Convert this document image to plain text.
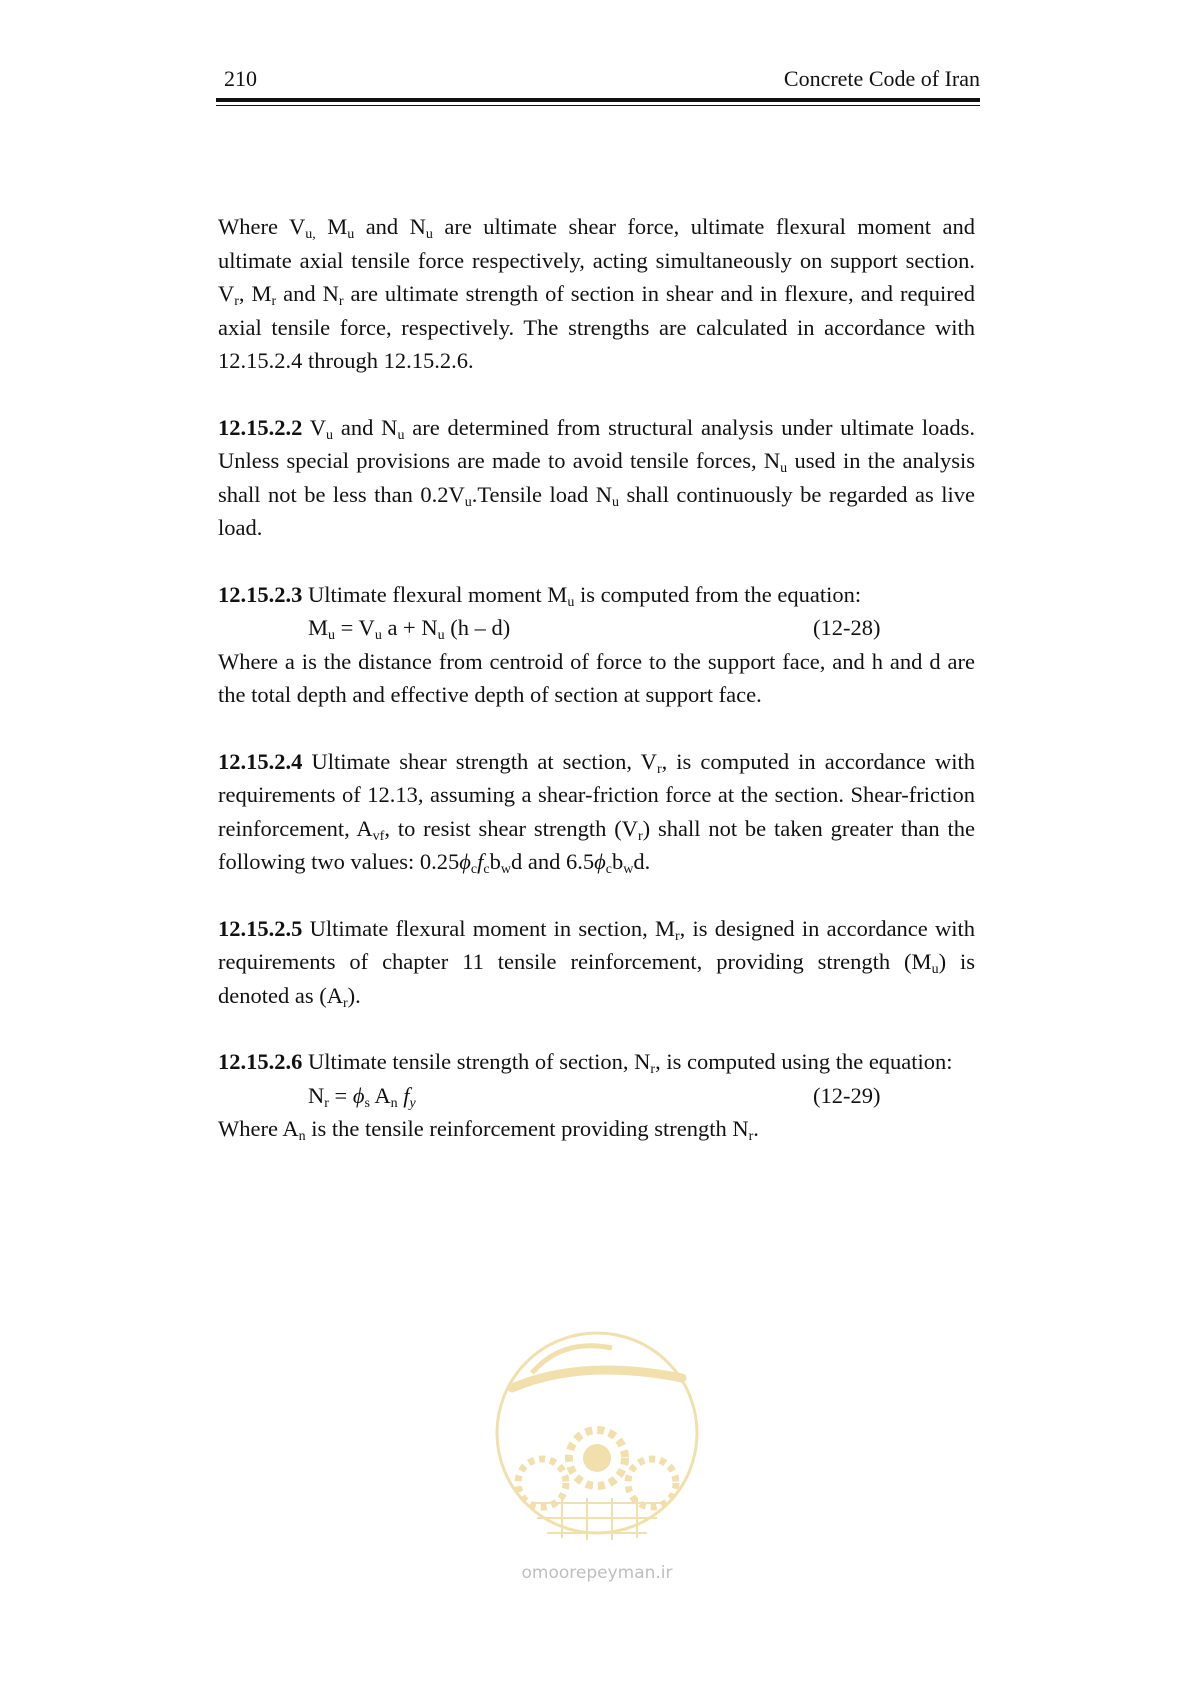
210	Concrete Code of Iran

Where $V_{u,}$ $M_u$ and $N_u$ are ultimate shear force, ultimate flexural moment and ultimate axial tensile force respectively, acting simultaneously on support section. $V_r$, $M_r$ and $N_r$ are ultimate strength of section in shear and in flexure, and required axial tensile force, respectively. The strengths are calculated in accordance with 12.15.2.4 through 12.15.2.6.

12.15.2.2 $V_u$ and $N_u$ are determined from structural analysis under ultimate loads. Unless special provisions are made to avoid tensile forces, $N_u$ used in the analysis shall not be less than $0.2V_u.Tensile$ load $N_u$ shall continuously be regarded as live load.

12.15.2.3 Ultimate flexural moment $M_u$ is computed from the equation:
$M_u = V_u$ $a + N_u$ (h – d)	(12-28)
Where a is the distance from centroid of force to the support face, and h and d are the total depth and effective depth of section at support face.

12.15.2.4 Ultimate shear strength at section, $V_r$, is computed in accordance with requirements of 12.13, assuming a shear-friction force at the section. Shear-friction reinforcement, $A_{vf}$, to resist shear strength $(V_r)$ shall not be taken greater than the following two values: $0.25\phi_cf_cb_wd$ and $6.5\phi_cb_wd$.

12.15.2.5 Ultimate flexural moment in section, $M_r$, is designed in accordance with requirements of chapter 11 tensile reinforcement, providing strength $(M_u)$ is denoted as $(A_r)$.

12.15.2.6 Ultimate tensile strength of section, $N_r$, is computed using the equation:
$N_r = \phi_s$ $A_n$ $f_y$	(12-29)
Where $A_n$ is the tensile reinforcement providing strength $N_r$.
omoorepeyman.ir
